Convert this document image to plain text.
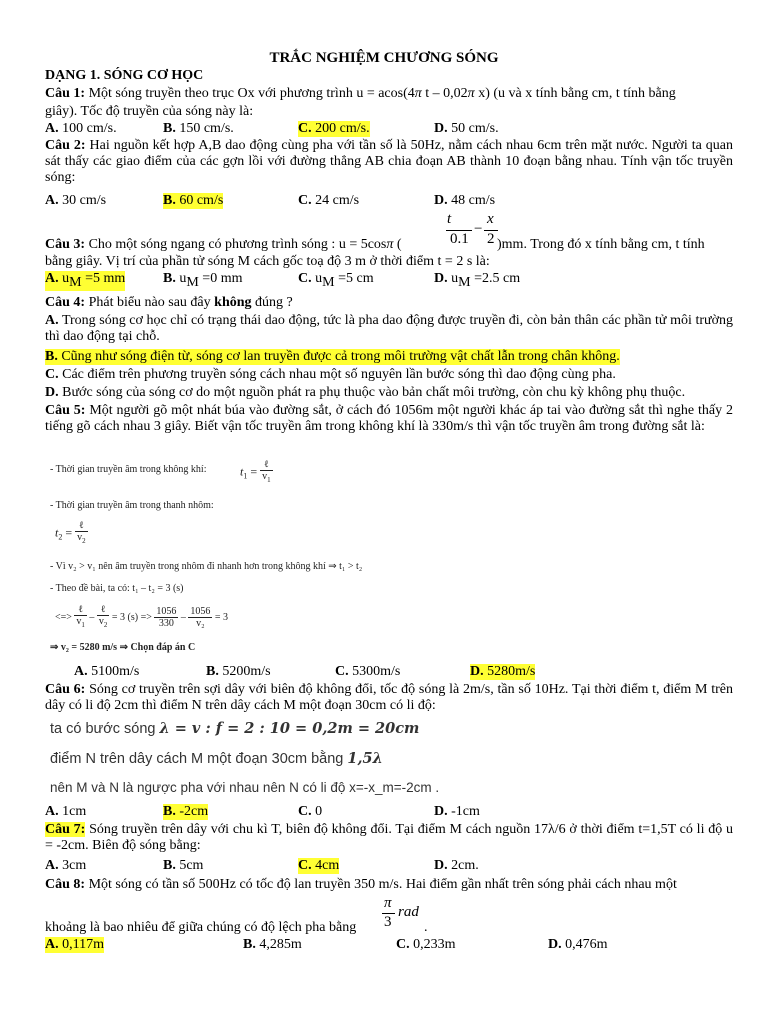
TRẮC NGHIỆM CHƯƠNG SÓNG
DẠNG 1. SÓNG CƠ HỌC
Câu 1: Một sóng truyền theo trục Ox với phương trình u = acos(4π t – 0,02π x) (u và x tính bằng cm, t tính bằng
giây). Tốc độ truyền của sóng này là:
A. 100 cm/s.	B. 150 cm/s.	C. 200 cm/s.	D. 50 cm/s.
Câu 2: Hai nguồn kết hợp A,B dao động cùng pha với tần số là 50Hz, nằm cách nhau 6cm trên mặt nước. Người ta quan sát thấy các giao điểm của các gợn lồi với đường thẳng AB chia đoạn AB thành 10 đoạn bằng nhau. Tính vận tốc truyền sóng:
A. 30 cm/s	B. 60 cm/s	C. 24 cm/s	D. 48 cm/s
Câu 3: Cho một sóng ngang có phương trình sóng : u = 5cosπ (
t
0.1
−
x
2 )mm. Trong đó x tính bằng cm, t tính
bằng giây. Vị trí của phần tử sóng M cách gốc toạ độ 3 m ở thời điểm t = 2 s là:
A. $u_M =5$ mm	B. $u_M =0$ mm	C. $u_M =5$ cm	D. $u_M =2.5$ cm
Câu 4: Phát biểu nào sau đây không đúng ?
A. Trong sóng cơ học chỉ có trạng thái dao động, tức là pha dao động được truyền đi, còn bản thân các phần tử môi trường thì dao động tại chỗ.
B. Cũng như sóng điện từ, sóng cơ lan truyền được cả trong môi trường vật chất lẫn trong chân không.
C. Các điểm trên phương truyền sóng cách nhau một số nguyên lần bước sóng thì dao động cùng pha.
D. Bước sóng của sóng cơ do một nguồn phát ra phụ thuộc vào bản chất môi trường, còn chu kỳ không phụ thuộc.
Câu 5: Một người gõ một nhát búa vào đường sắt, ở cách đó 1056m một người khác áp tai vào đường sắt thì nghe thấy 2 tiếng gõ cách nhau 3 giây. Biết vận tốc truyền âm trong không khí là 330m/s thì vận tốc truyền âm trong đường sắt là:
- Thời gian truyền âm trong không khí:	$t_1 = \frac{\text{ℓ}}{v_1}$
- Thời gian truyền âm trong thanh nhôm:
$t_2 = \frac{\text{ℓ}}{v_2}$
- Vì v₂ > v₁ nên âm truyền trong nhôm đi nhanh hơn trong không khí ⇒ t₁ > t₂
- Theo đề bài, ta có: t₁ – t₂ = 3 (s)
<=> $\frac{\text{ℓ}}{v_1} - \frac{\text{ℓ}}{v_2} = 3$ $(s) => \frac{1056}{330} - \frac{1056}{\text{v₂}} = 3$
⇒ v₂ = 5280 m/s ⇒ Chọn đáp án C
A. 5100m/s	B. 5200m/s	C. 5300m/s	D. 5280m/s
Câu 6: Sóng cơ truyền trên sợi dây với biên độ không đổi, tốc độ sóng là 2m/s, tần số 10Hz. Tại thời điểm t, điểm M trên dây có li độ 2cm thì điểm N trên dây cách M một đoạn 30cm có li độ:
ta có bước sóng λ = v : f = 2 : 10 = 0,2m = 20cm
điểm N trên dây cách M một đoạn 30cm bằng 1,5λ
nên M và N là ngược pha với nhau nên N có li độ x=-x_m=-2cm .
A. 1cm	B. -2cm	C. 0	D. -1cm
Câu 7: Sóng truyền trên dây với chu kì T, biên độ không đổi. Tại điểm M cách nguồn 17λ/6 ở thời điểm t=1,5T có li độ u = -2cm. Biên độ sóng bằng:
A. 3cm	B. 5cm	C. 4cm	D. 2cm.
Câu 8: Một sóng có tần số 500Hz có tốc độ lan truyền 350 m/s. Hai điểm gần nhất trên sóng phải cách nhau một
khoảng là bao nhiêu để giữa chúng có độ lệch pha bằng
π
3
rad
.
A. 0,117m	B. 4,285m	C. 0,233m	D. 0,476m
